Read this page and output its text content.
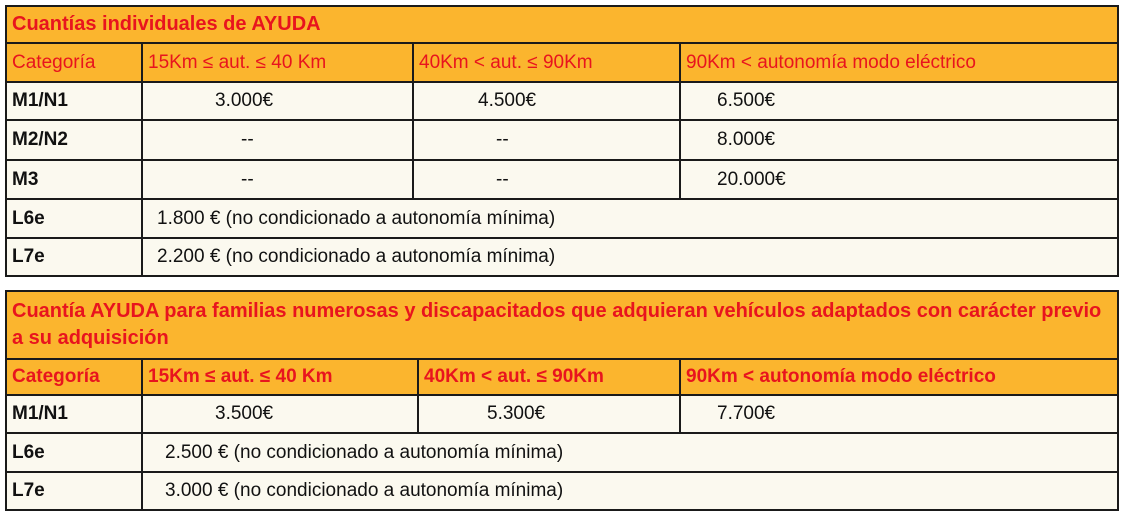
Cuantías individuales de AYUDA			
Categoría	15Km ≤ aut. ≤ 40 Km	40Km < aut. ≤ 90Km	90Km < autonomía modo eléctrico
M1/N1	3.000€	4.500€	6.500€
M2/N2	--	--	8.000€
M3	--	--	20.000€
L6e	1.800 € (no condicionado a autonomía mínima)		
L7e	2.200 € (no condicionado a autonomía mínima)		
Cuantía AYUDA para familias numerosas y discapacitados que adquieran vehículos adaptados con carácter previo a su adquisición			
Categoría	15Km ≤ aut. ≤ 40 Km	40Km < aut. ≤ 90Km	90Km < autonomía modo eléctrico
M1/N1	3.500€	5.300€	7.700€
L6e	2.500 € (no condicionado a autonomía mínima)		
L7e	3.000 € (no condicionado a autonomía mínima)		
